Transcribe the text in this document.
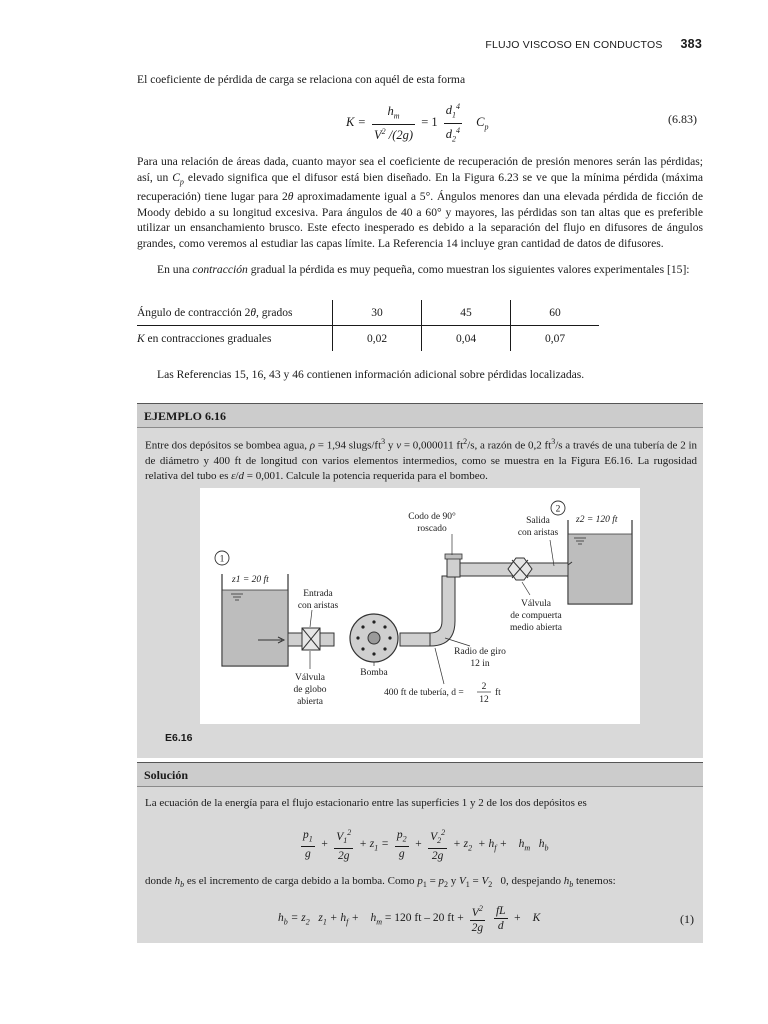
FLUJO VISCOSO EN CONDUCTOS 383
El coeficiente de pérdida de carga se relaciona con aquél de esta forma
$K = \frac{h_m}{V^2 /(2g)} = 1 \frac{d_1^4}{d_2^4} C_p$
(6.83)
Para una relación de áreas dada, cuanto mayor sea el coeficiente de recuperación de presión menores serán las pérdidas; así, un $C_p$ elevado significa que el difusor está bien diseñado. En la Figura 6.23 se ve que la mínima pérdida (máxima recuperación) tiene lugar para 2θ aproximadamente igual a 5°. Ángulos menores dan una elevada pérdida de ficción de Moody debido a su longitud excesiva. Para ángulos de 40 a 60° y mayores, las pérdidas son tan altas que es preferible utilizar un ensanchamiento brusco. Este efecto inesperado es debido a la separación del flujo en difusores de ángulos grandes, como veremos al estudiar las capas límite. La Referencia 14 incluye gran cantidad de datos de difusores.
En una contracción gradual la pérdida es muy pequeña, como muestran los siguientes valores experimentales [15]:
Ángulo de contracción 2θ, grados	30	45	60
K en contracciones graduales	0,02	0,04	0,07
Las Referencias 15, 16, 43 y 46 contienen información adicional sobre pérdidas localizadas.
EJEMPLO 6.16
Entre dos depósitos se bombea agua, ρ = 1,94 slugs/$ft^3$ y ν = 0,000011 $ft^2/s$, a razón de 0,2 $ft^3/s$ a través de una tubería de 2 in de diámetro y 400 ft de longitud con varios elementos intermedios, como se muestra en la Figura E6.16. La rugosidad relativa del tubo es ε/d = 0,001. Calcule la potencia requerida para el bombeo.
1
2
z1 = 20 ft
z2 = 120 ft
Entrada
con aristas
Válvula
de globo
abierta
Bomba
Codo de 90°
roscado
Salida
con aristas
Válvula
de compuerta
medio abierta
Radio de giro
12 in
400 ft de tubería, d =
2
12
ft
E6.16
Solución
La ecuación de la energía para el flujo estacionario entre las superficies 1 y 2 de los dos depósitos es
$\frac{p_1}{g} + \frac{V_1^2}{2g} + z_1 = \frac{p_2}{g} + \frac{V_2^2}{2g} + z_2 + h_f$ +    $h_m$   $h_b$
donde $h_b$ es el incremento de carga debido a la bomba. Como $p_1 = p_2$ y $V_1 = V_2$   0, despejando $h_b$ tenemos:
$h_b = z_2$   $z_1 + h_f$ +    $h_m = 120$ ft – 20 ft + $\frac{V^2}{2g}$
$\frac{fL}{d}$ +    K	(1)
